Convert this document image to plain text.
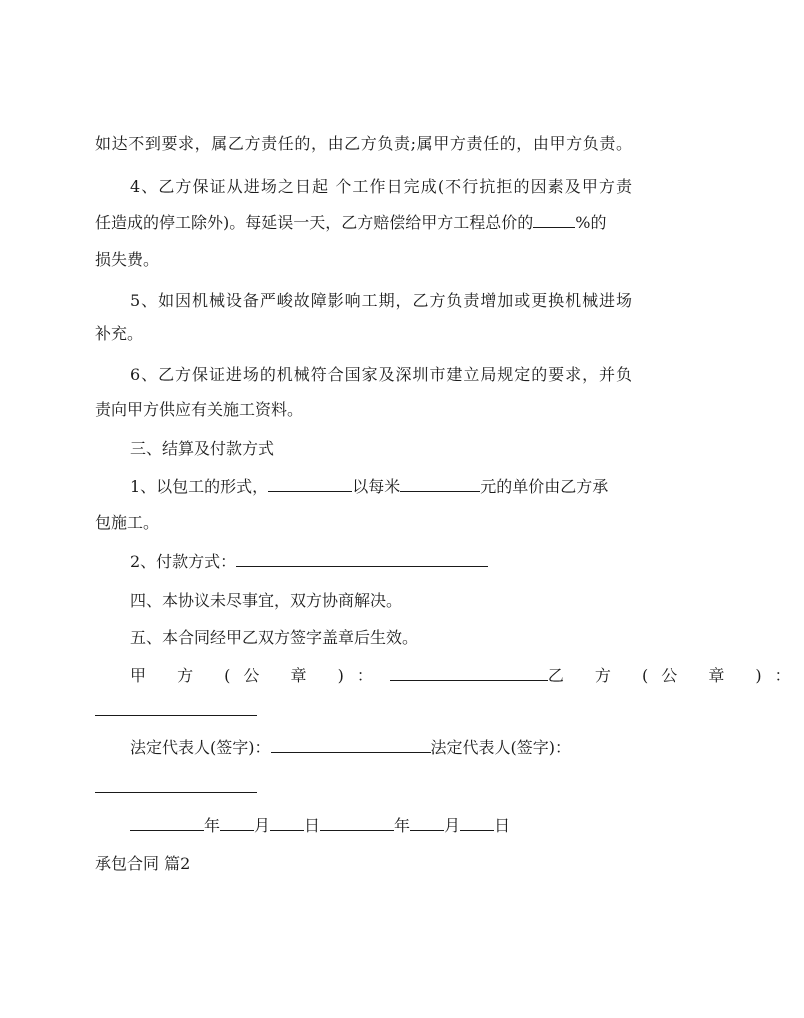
如达不到要求，属乙方责任的，由乙方负责;属甲方责任的，由甲方负责。
4、乙方保证从进场之日起 个工作日完成(不行抗拒的因素及甲方责
任造成的停工除外)。每延误一天，乙方赔偿给甲方工程总价的	%的
损失费。
5、如因机械设备严峻故障影响工期，乙方负责增加或更换机械进场
补充。
6、乙方保证进场的机械符合国家及深圳市建立局规定的要求，并负
责向甲方供应有关施工资料。
三、结算及付款方式
1、以包工的形式，	以每米	元的单价由乙方承
包施工。
2、付款方式：
四、本协议未尽事宜，双方协商解决。
五、本合同经甲乙双方签字盖章后生效。
甲 方 (公 章 )：	乙 方 (公 章 )：
法定代表人(签字)：	法定代表人(签字)：
年 月 日	年 月 日
承包合同 篇2
